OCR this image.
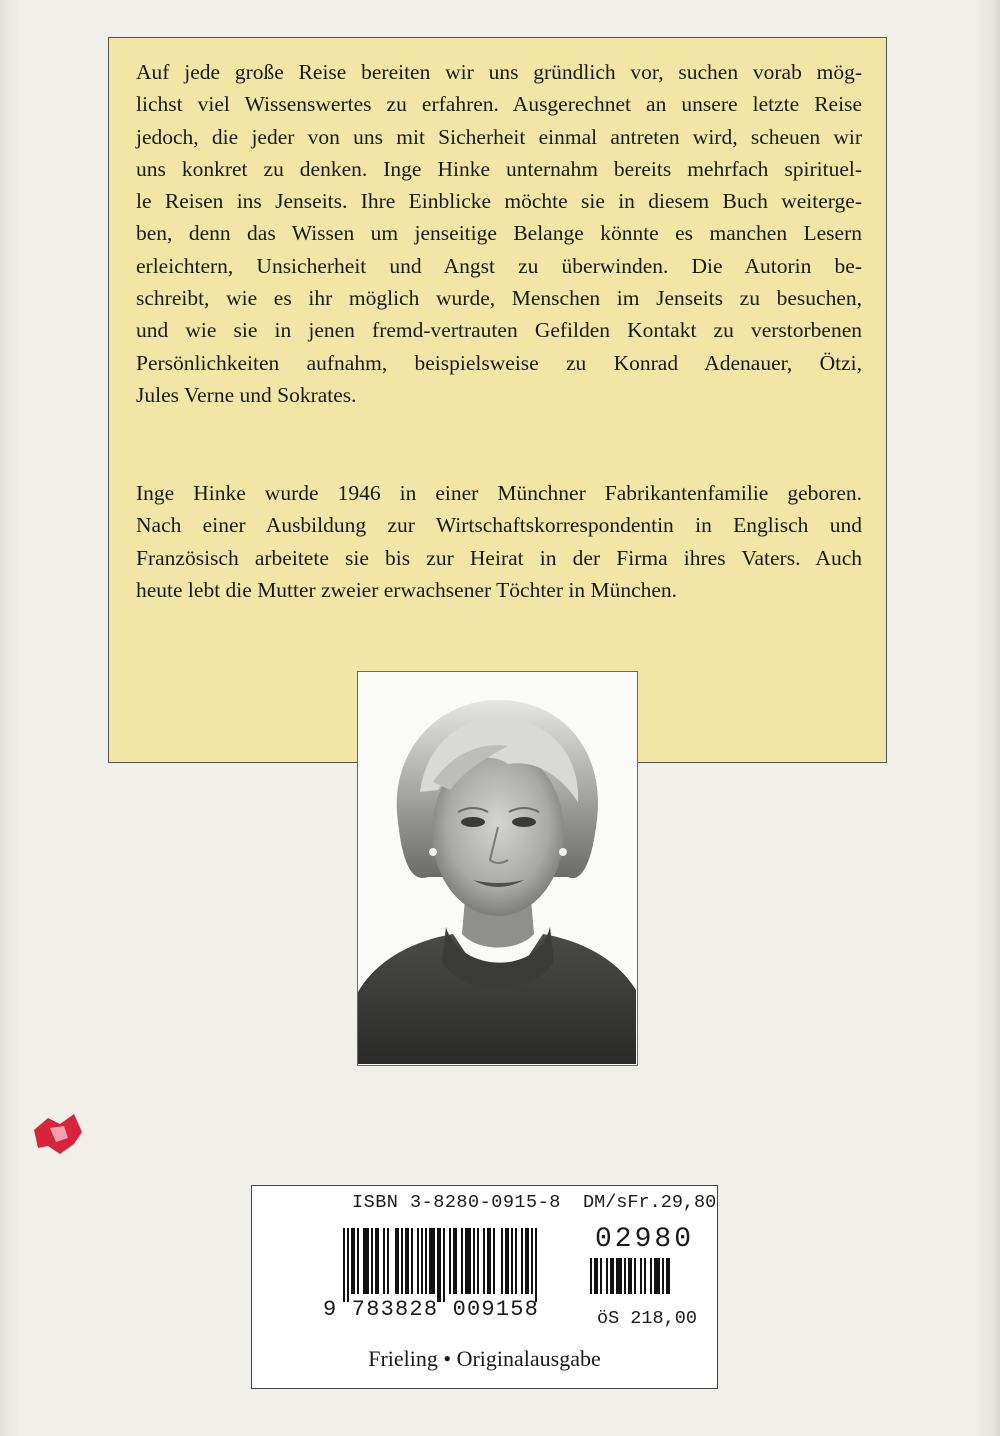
Auf jede große Reise bereiten wir uns gründlich vor, suchen vorab mög-
lichst viel Wissenswertes zu erfahren. Ausgerechnet an unsere letzte Reise
jedoch, die jeder von uns mit Sicherheit einmal antreten wird, scheuen wir
uns konkret zu denken. Inge Hinke unternahm bereits mehrfach spirituel-
le Reisen ins Jenseits. Ihre Einblicke möchte sie in diesem Buch weiterge-
ben, denn das Wissen um jenseitige Belange könnte es manchen Lesern
erleichtern, Unsicherheit und Angst zu überwinden. Die Autorin be-
schreibt, wie es ihr möglich wurde, Menschen im Jenseits zu besuchen,
und wie sie in jenen fremd-vertrauten Gefilden Kontakt zu verstorbenen
Persönlichkeiten aufnahm, beispielsweise zu Konrad Adenauer, Ötzi,
Jules Verne und Sokrates.
Inge Hinke wurde 1946 in einer Münchner Fabrikantenfamilie geboren.
Nach einer Ausbildung zur Wirtschaftskorrespondentin in Englisch und
Französisch arbeitete sie bis zur Heirat in der Firma ihres Vaters. Auch
heute lebt die Mutter zweier erwachsener Töchter in München.
ISBN 3-8280-0915-8 DM/sFr.29,80
02980
9 783828 009158	öS 218,00
Frieling • Originalausgabe
